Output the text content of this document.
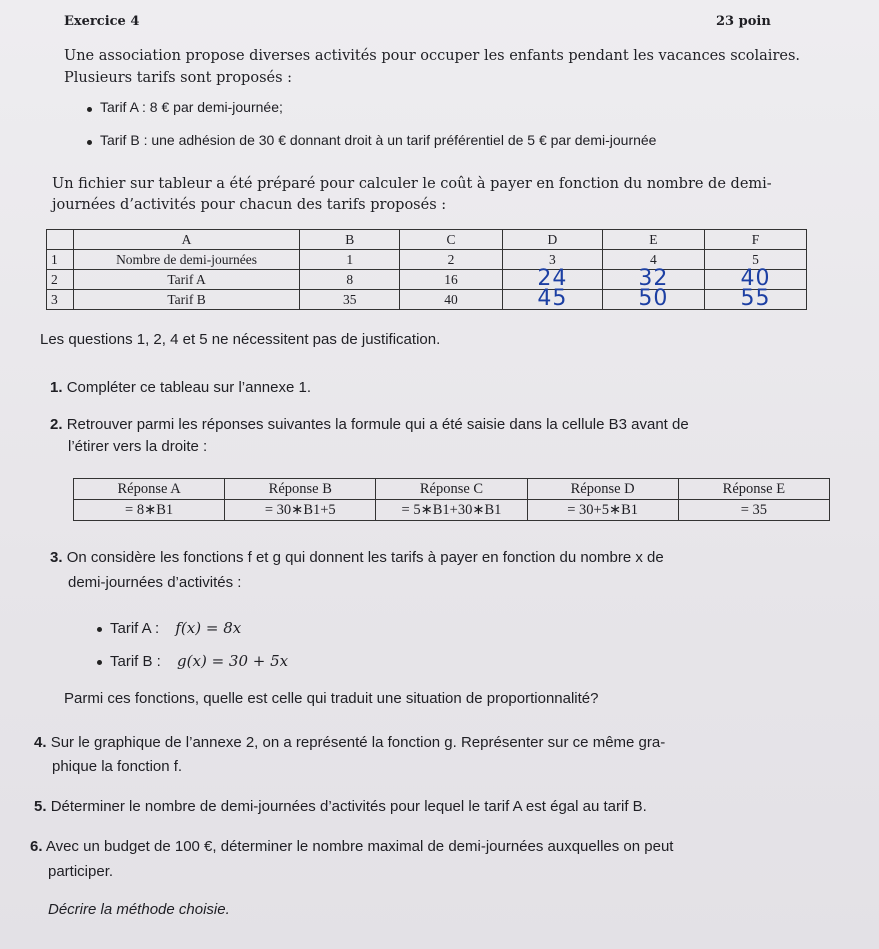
Exercice 4	23 poin
Une association propose diverses activités pour occuper les enfants pendant les vacances scolaires.
Plusieurs tarifs sont proposés :
Tarif A : 8 € par demi-journée;
Tarif B : une adhésion de 30 € donnant droit à un tarif préférentiel de 5 € par demi-journée
Un fichier sur tableur a été préparé pour calculer le coût à payer en fonction du nombre de demi-
journées d’activités pour chacun des tarifs proposés :
	A	B	C	D	E	F
1	Nombre de demi-journées	1	2	3	4	5
2	Tarif A	8	16	24	32	40
3	Tarif B	35	40	45	50	55
Les questions 1, 2, 4 et 5 ne nécessitent pas de justification.
1. Compléter ce tableau sur l’annexe 1.
2. Retrouver parmi les réponses suivantes la formule qui a été saisie dans la cellule B3 avant de
l’étirer vers la droite :
Réponse A	Réponse B	Réponse C	Réponse D	Réponse E
= 8∗B1	= 30∗B1+5	= 5∗B1+30∗B1	= 30+5∗B1	= 35
3. On considère les fonctions f et g qui donnent les tarifs à payer en fonction du nombre x de
demi-journées d’activités :
Tarif A : f(x) = 8x
Tarif B : g(x) = 30 + 5x
Parmi ces fonctions, quelle est celle qui traduit une situation de proportionnalité?
4. Sur le graphique de l’annexe 2, on a représenté la fonction g. Représenter sur ce même gra-
phique la fonction f.
5. Déterminer le nombre de demi-journées d’activités pour lequel le tarif A est égal au tarif B.
6. Avec un budget de 100 €, déterminer le nombre maximal de demi-journées auxquelles on peut
participer.
Décrire la méthode choisie.
